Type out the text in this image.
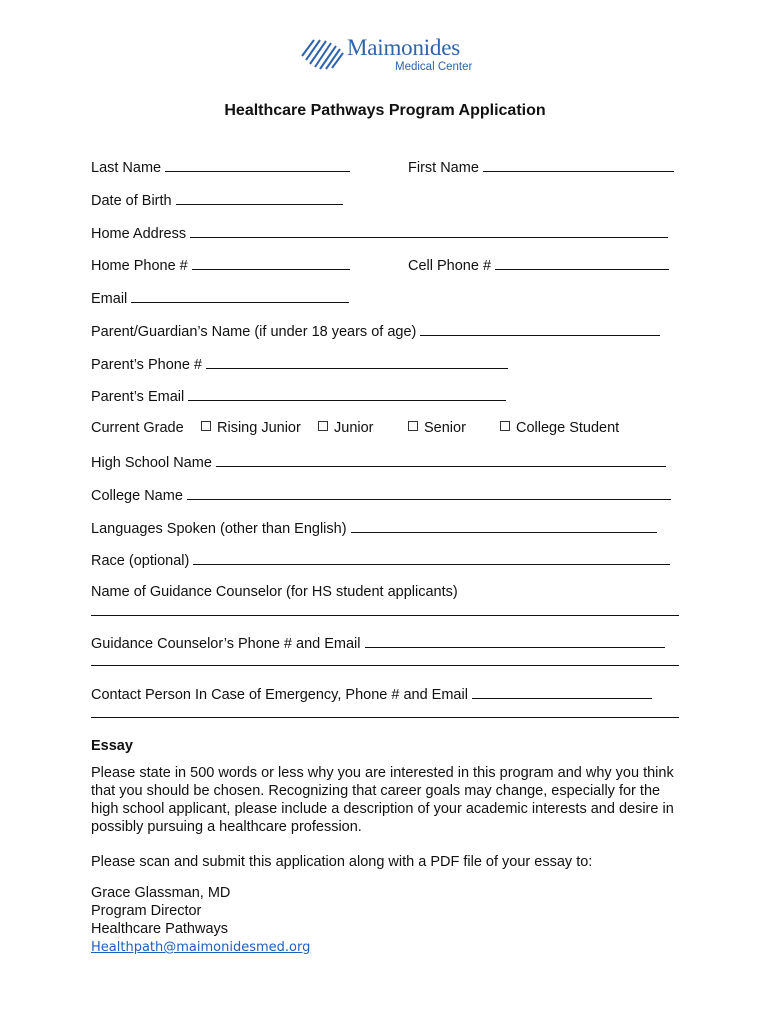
Maimonides
Medical Center
Healthcare Pathways Program Application
Last Name	First Name
Date of Birth
Home Address
Home Phone #	Cell Phone #
Email
Parent/Guardian’s Name (if under 18 years of age)
Parent’s Phone #
Parent’s Email
Current Grade	Rising Junior	Junior	Senior	College Student
High School Name
College Name
Languages Spoken (other than English)
Race (optional)
Name of Guidance Counselor (for HS student applicants)
Guidance Counselor’s Phone # and Email
Contact Person In Case of Emergency, Phone # and Email
Essay
Please state in 500 words or less why you are interested in this program and why you think that you should be chosen. Recognizing that career goals may change, especially for the high school applicant, please include a description of your academic interests and desire in possibly pursuing a healthcare profession.
Please scan and submit this application along with a PDF file of your essay to:
Grace Glassman, MD
Program Director
Healthcare Pathways
Healthpath@maimonidesmed.org
